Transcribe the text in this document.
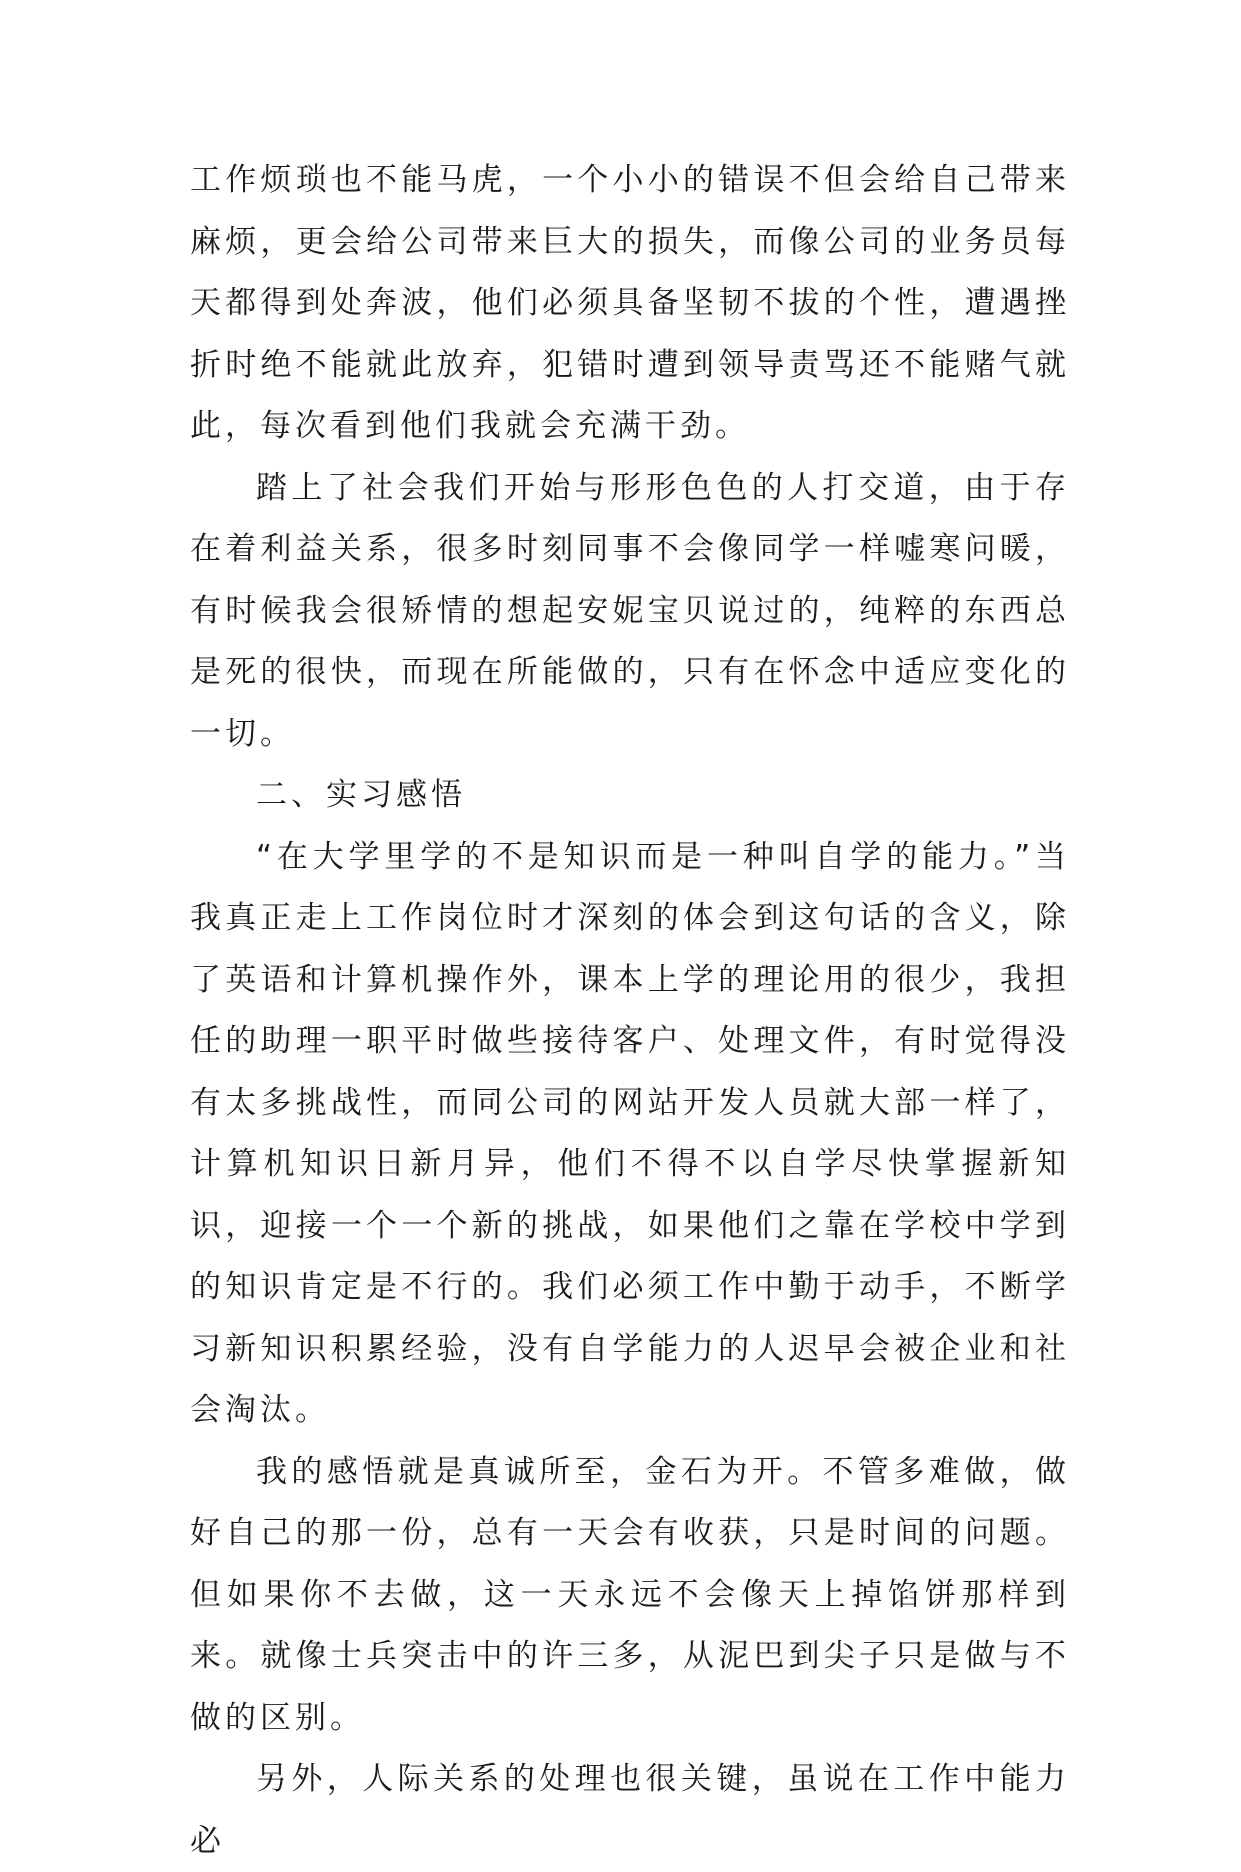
工作烦琐也不能马虎，一个小小的错误不但会给自己带来麻烦，更会给公司带来巨大的损失，而像公司的业务员每天都得到处奔波，他们必须具备坚韧不拔的个性，遭遇挫折时绝不能就此放弃，犯错时遭到领导责骂还不能赌气就此，每次看到他们我就会充满干劲。

踏上了社会我们开始与形形色色的人打交道，由于存在着利益关系，很多时刻同事不会像同学一样嘘寒问暖，有时候我会很矫情的想起安妮宝贝说过的，纯粹的东西总是死的很快，而现在所能做的，只有在怀念中适应变化的一切。

二、实习感悟

“在大学里学的不是知识而是一种叫自学的能力。”当我真正走上工作岗位时才深刻的体会到这句话的含义，除了英语和计算机操作外，课本上学的理论用的很少，我担任的助理一职平时做些接待客户、处理文件，有时觉得没有太多挑战性，而同公司的网站开发人员就大部一样了，计算机知识日新月异，他们不得不以自学尽快掌握新知识，迎接一个一个新的挑战，如果他们之靠在学校中学到的知识肯定是不行的。我们必须工作中勤于动手，不断学习新知识积累经验，没有自学能力的人迟早会被企业和社会淘汰。

我的感悟就是真诚所至，金石为开。不管多难做，做好自己的那一份，总有一天会有收获，只是时间的问题。但如果你不去做，这一天永远不会像天上掉馅饼那样到来。就像士兵突击中的许三多，从泥巴到尖子只是做与不做的区别。

另外，人际关系的处理也很关键，虽说在工作中能力必
